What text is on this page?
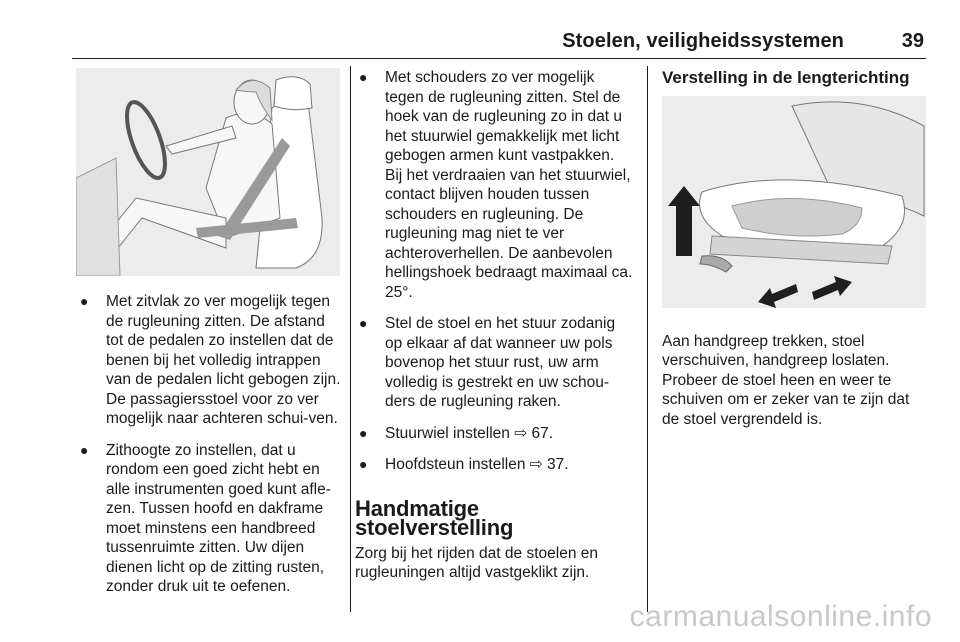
Stoelen, veiligheidssystemen	39
● Met zitvlak zo ver mogelijk tegen de rugleuning zitten. De afstand tot de pedalen zo instellen dat de benen bij het volledig intrappen van de pedalen licht gebogen zijn. De passagiersstoel voor zo ver mogelijk naar achteren schui‐ven.
● Zithoogte zo instellen, dat u rondom een goed zicht hebt en alle instrumenten goed kunt afle‐zen. Tussen hoofd en dakframe moet minstens een handbreed tussenruimte zitten. Uw dijen dienen licht op de zitting rusten, zonder druk uit te oefenen.
● Met schouders zo ver mogelijk tegen de rugleuning zitten. Stel de hoek van de rugleuning zo in dat u het stuurwiel gemakkelijk met licht gebogen armen kunt vastpakken. Bij het verdraaien van het stuurwiel, contact blijven houden tussen schouders en rugleuning. De rugleuning mag niet te ver achteroverhellen. De aanbevolen hellingshoek bedraagt maximaal ca. 25°.
● Stel de stoel en het stuur zodanig op elkaar af dat wanneer uw pols bovenop het stuur rust, uw arm volledig is gestrekt en uw schou‐ders de rugleuning raken.
● Stuurwiel instellen ⇨ 67.
● Hoofdsteun instellen ⇨ 37.
Handmatige stoelverstelling

Zorg bij het rijden dat de stoelen en rugleuningen altijd vastgeklikt zijn.

Verstelling in de lengterichting

Aan handgreep trekken, stoel verschuiven, handgreep loslaten. Probeer de stoel heen en weer te schuiven om er zeker van te zijn dat de stoel vergrendeld is.

carmanualsonline.info
